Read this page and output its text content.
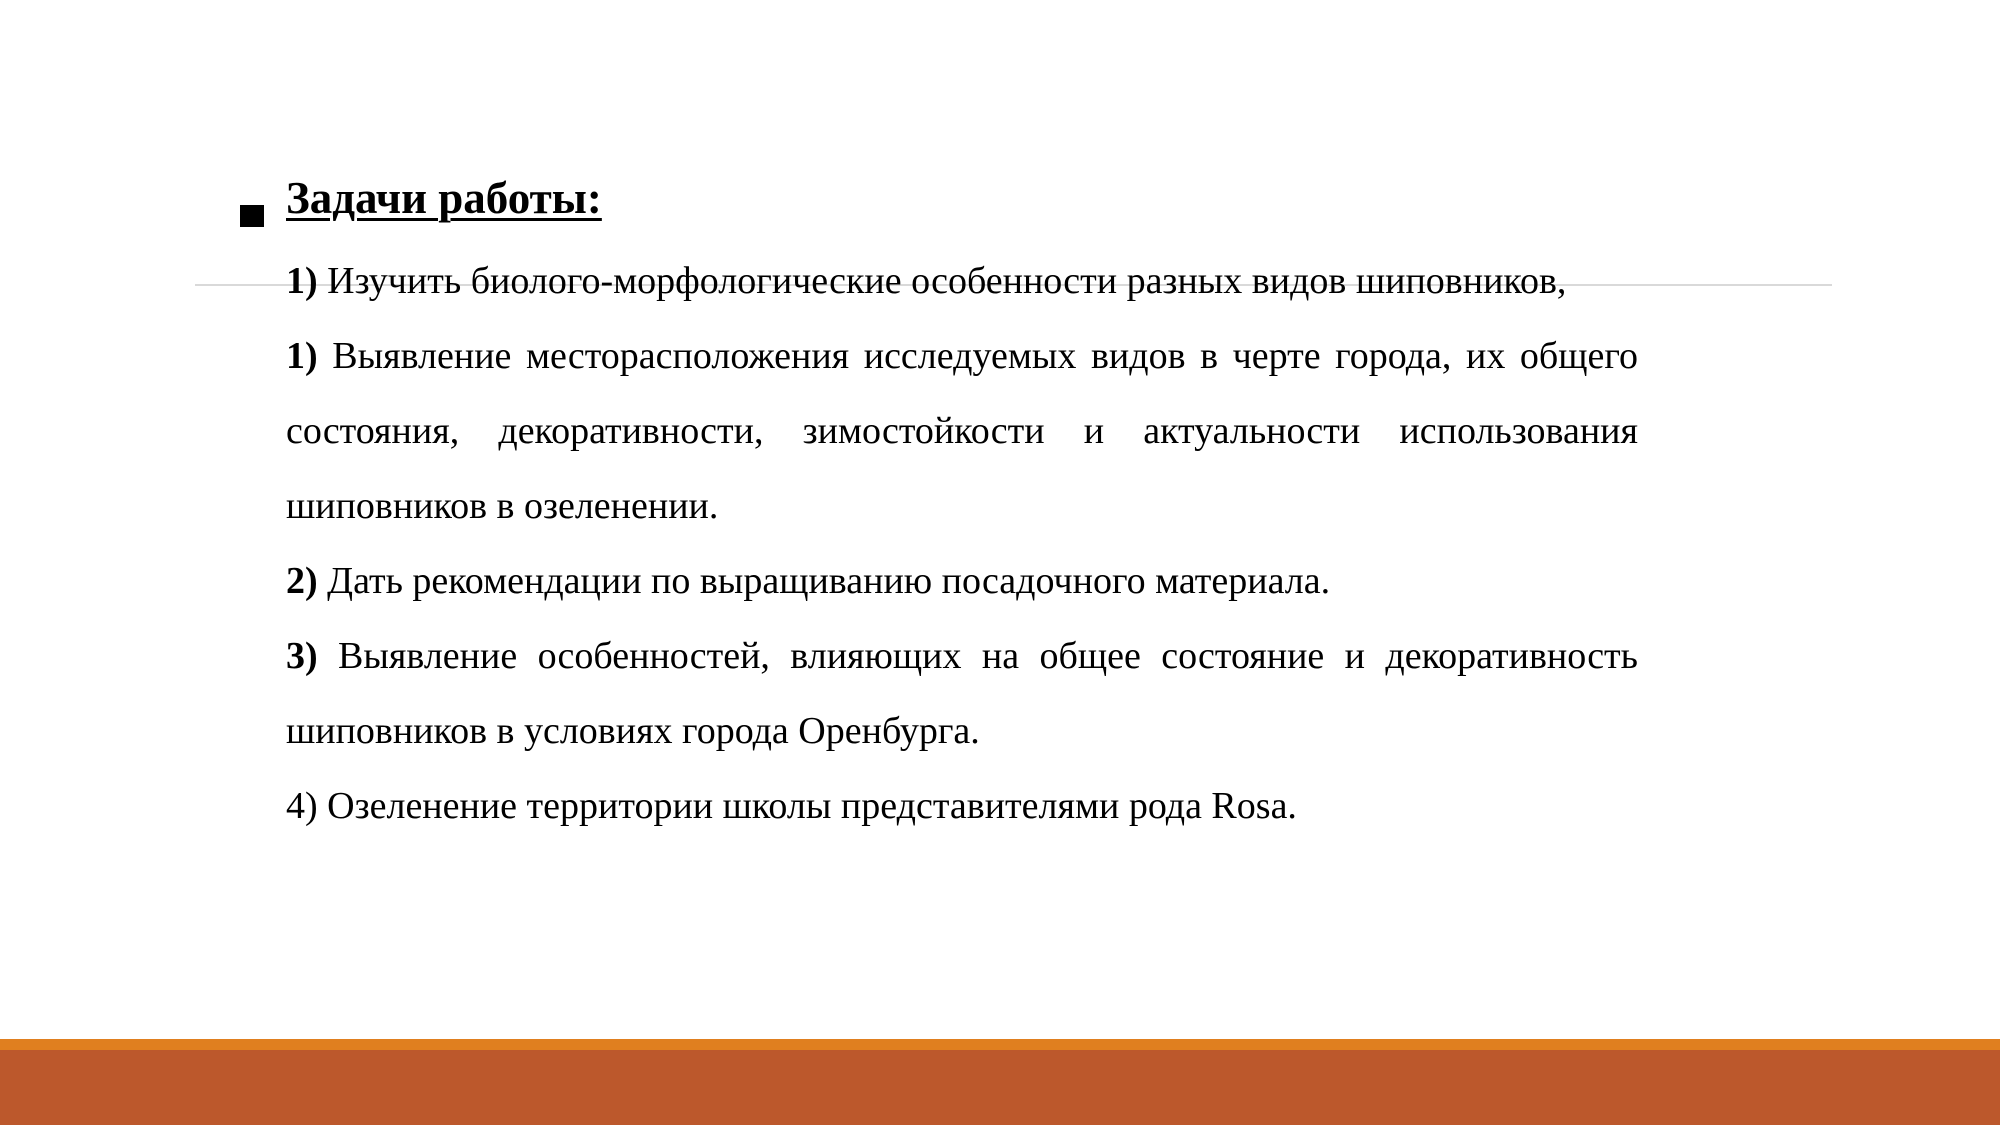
Задачи работы:

1) Изучить биолого-морфологические особенности разных видов шиповников,

1) Выявление месторасположения исследуемых видов в черте города, их общего состояния, декоративности, зимостойкости и актуальности использования шиповников в озеленении.

2) Дать рекомендации по выращиванию посадочного материала.

3) Выявление особенностей, влияющих на общее состояние и декоративность шиповников в условиях города Оренбурга.

4) Озеленение территории школы представителями рода Rosa.
